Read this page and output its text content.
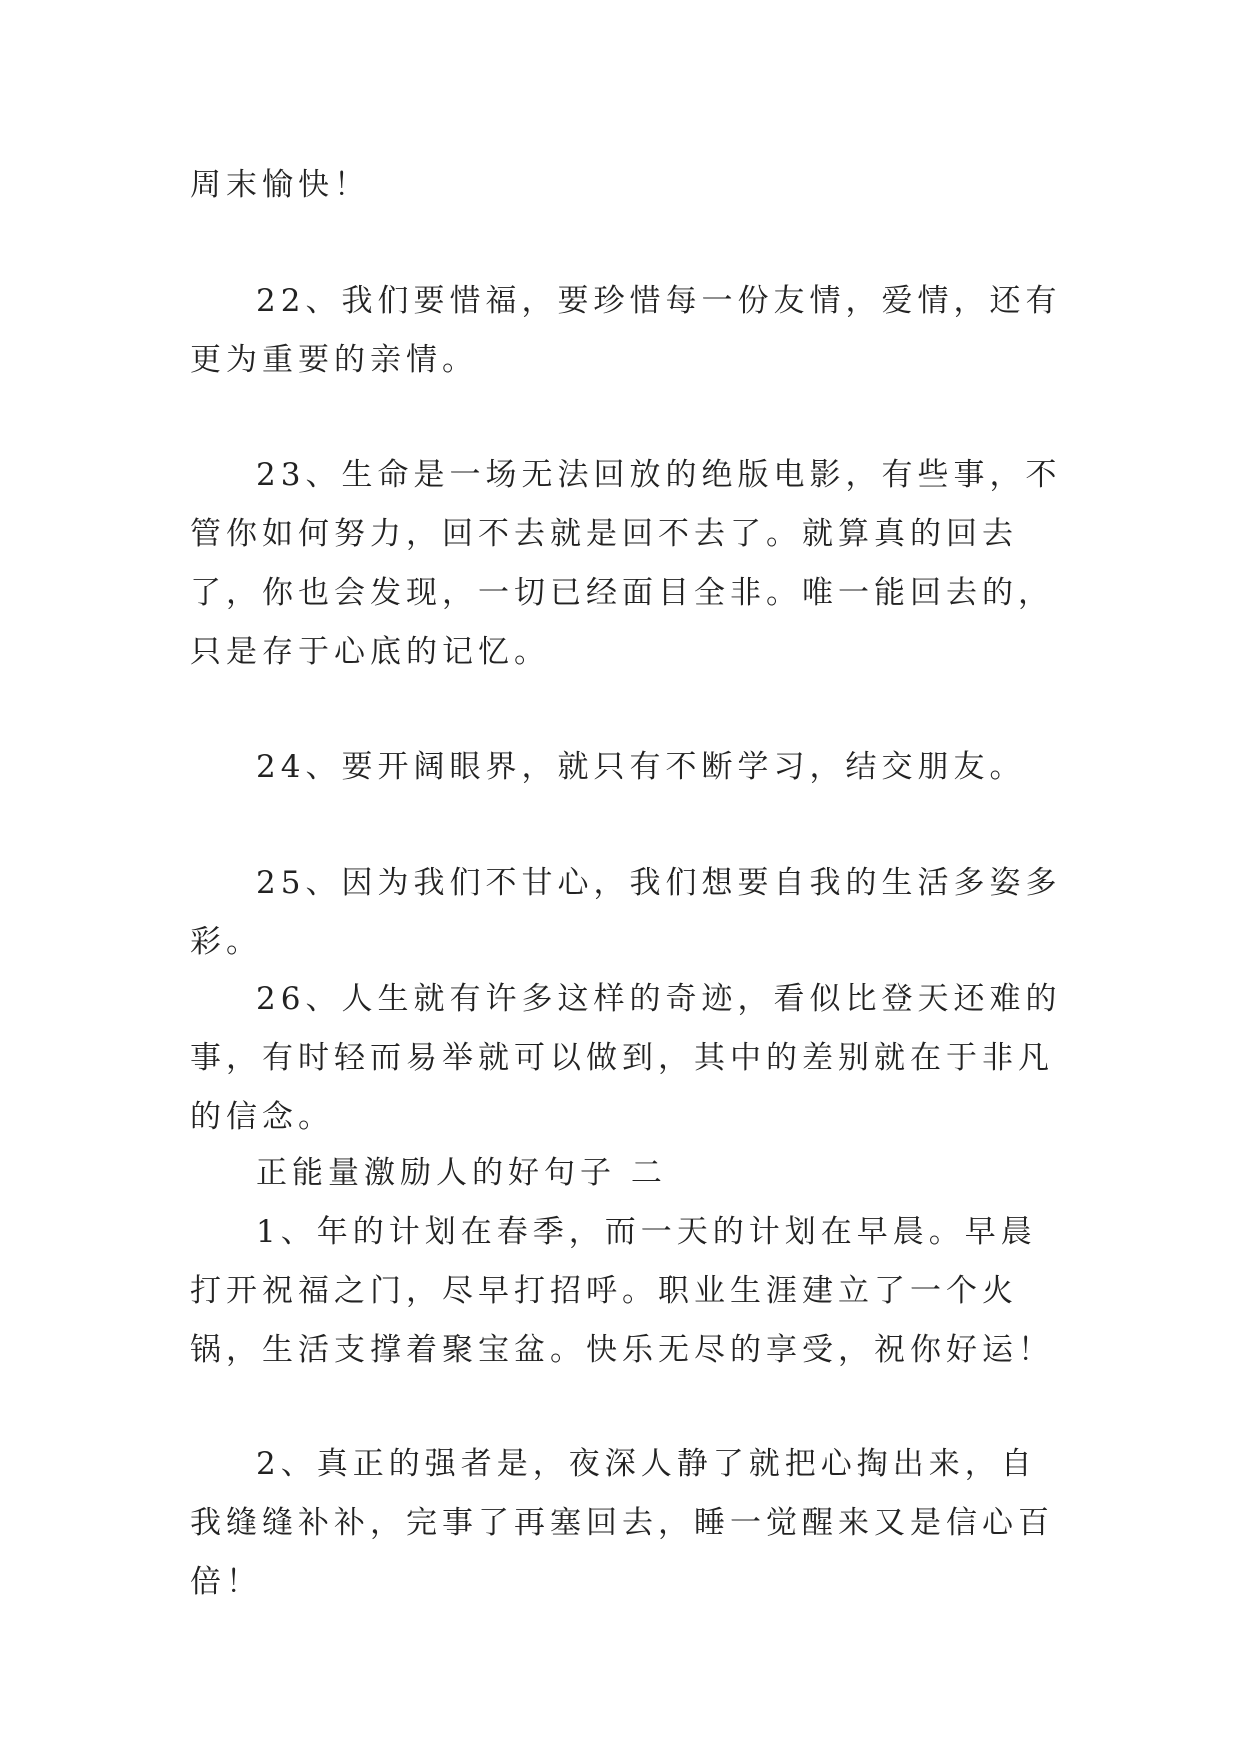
周末愉快！

22、我们要惜福，要珍惜每一份友情，爱情，还有更为重要的亲情。

23、生命是一场无法回放的绝版电影，有些事，不管你如何努力，回不去就是回不去了。就算真的回去了，你也会发现，一切已经面目全非。唯一能回去的，只是存于心底的记忆。

24、要开阔眼界，就只有不断学习，结交朋友。

25、因为我们不甘心，我们想要自我的生活多姿多彩。

26、人生就有许多这样的奇迹，看似比登天还难的事，有时轻而易举就可以做到，其中的差别就在于非凡的信念。

正能量激励人的好句子 二

1、年的计划在春季，而一天的计划在早晨。早晨打开祝福之门，尽早打招呼。职业生涯建立了一个火锅，生活支撑着聚宝盆。快乐无尽的享受，祝你好运！

2、真正的强者是，夜深人静了就把心掏出来，自我缝缝补补，完事了再塞回去，睡一觉醒来又是信心百倍！
